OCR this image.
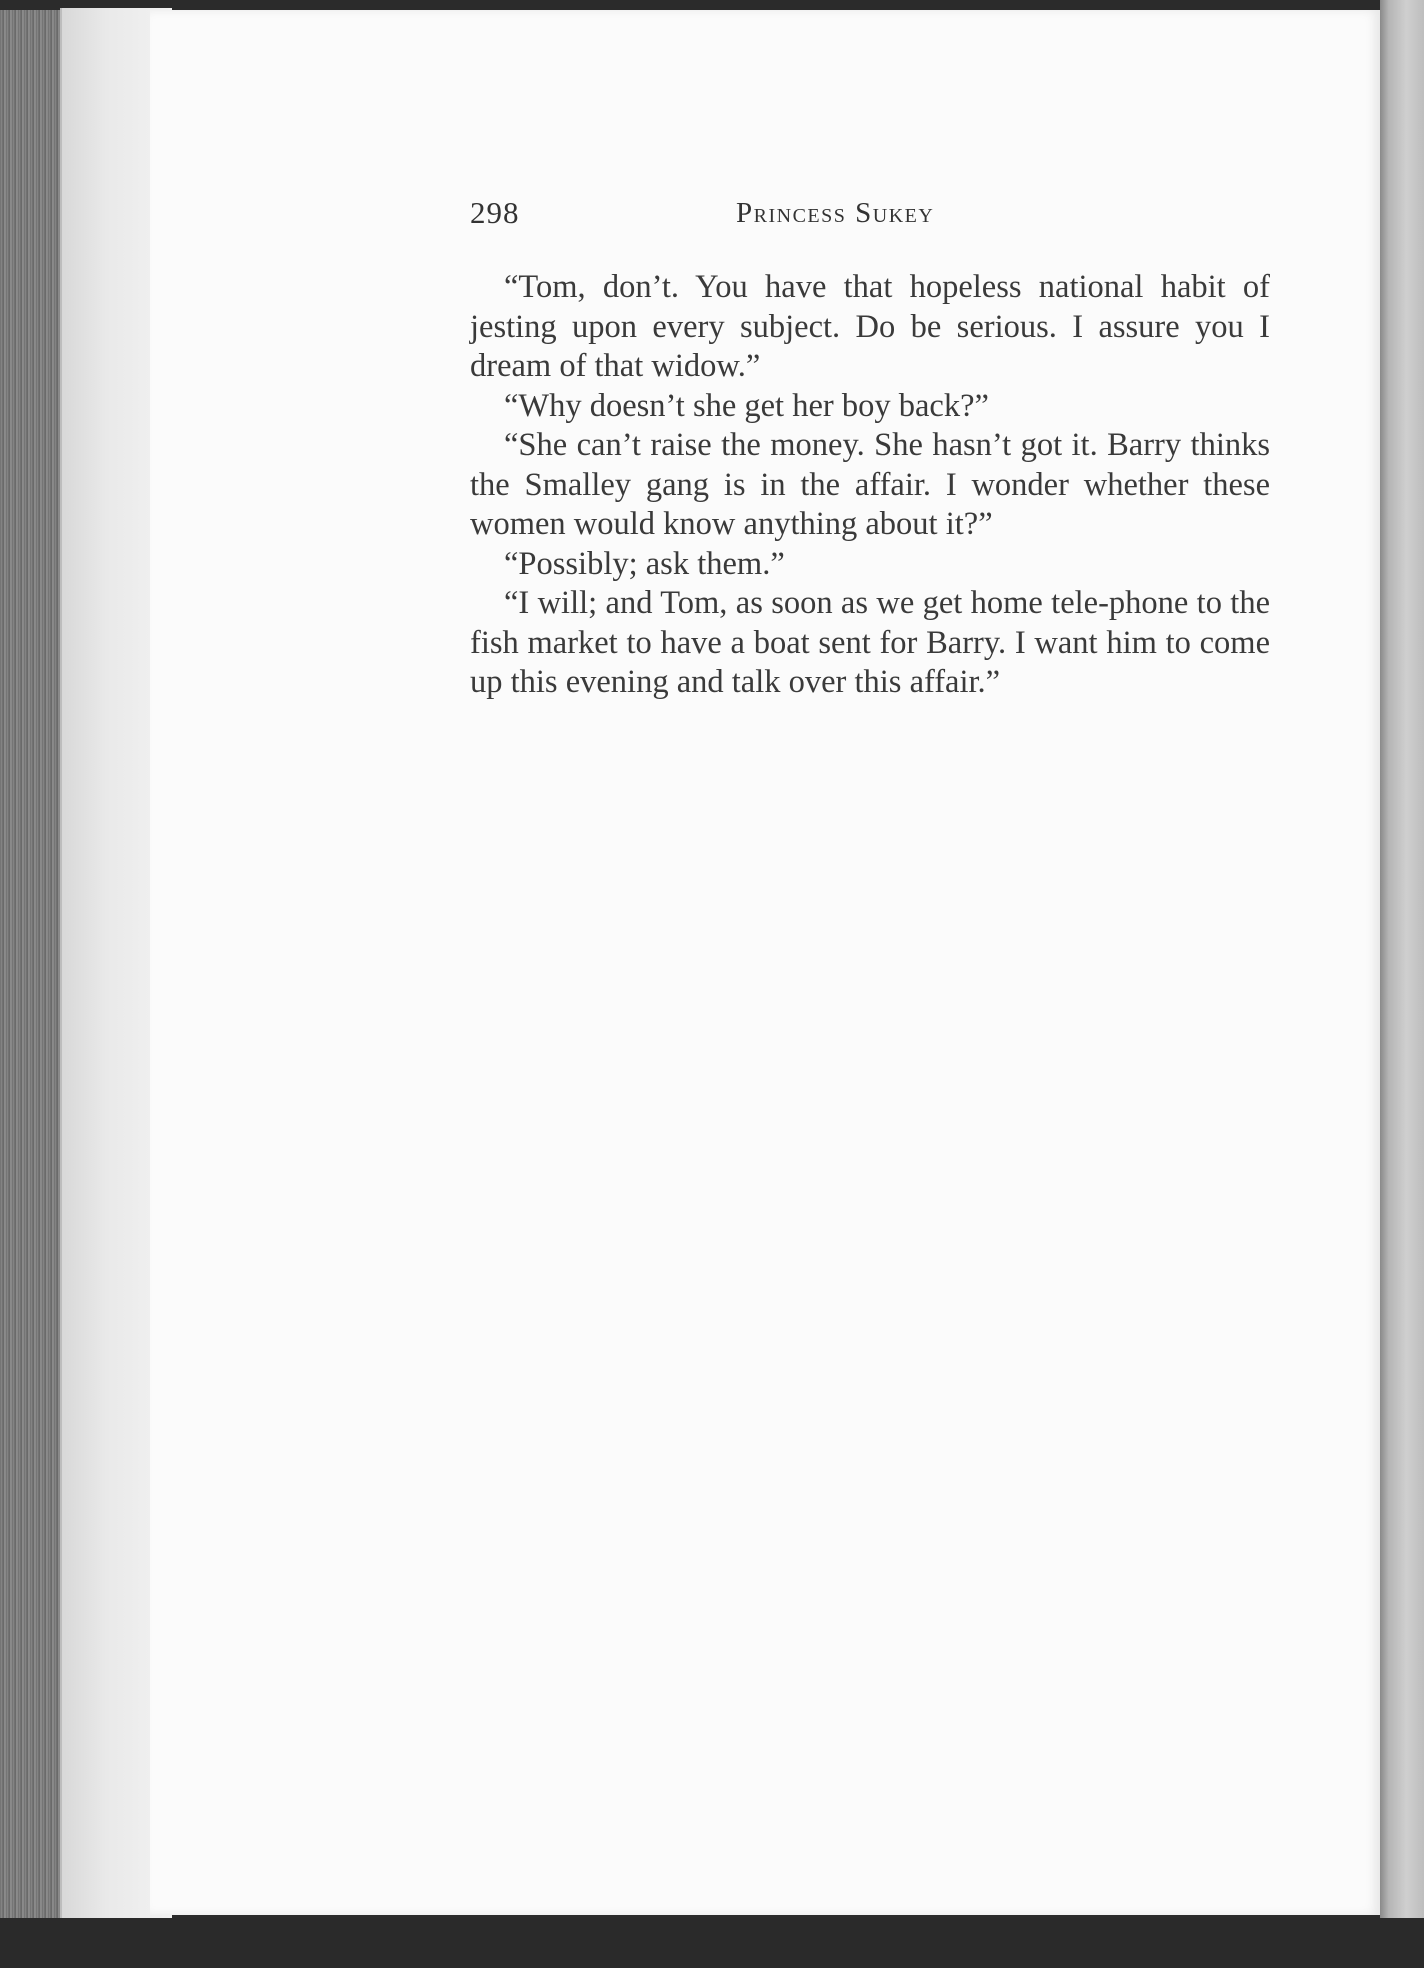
298	Princess Sukey

“Tom, don’t. You have that hopeless national habit of jesting upon every subject. Do be serious. I assure you I dream of that widow.”

“Why doesn’t she get her boy back?”

“She can’t raise the money. She hasn’t got it. Barry thinks the Smalley gang is in the affair. I wonder whether these women would know anything about it?”

“Possibly; ask them.”

“I will; and Tom, as soon as we get home tele-phone to the fish market to have a boat sent for Barry. I want him to come up this evening and talk over this affair.”
